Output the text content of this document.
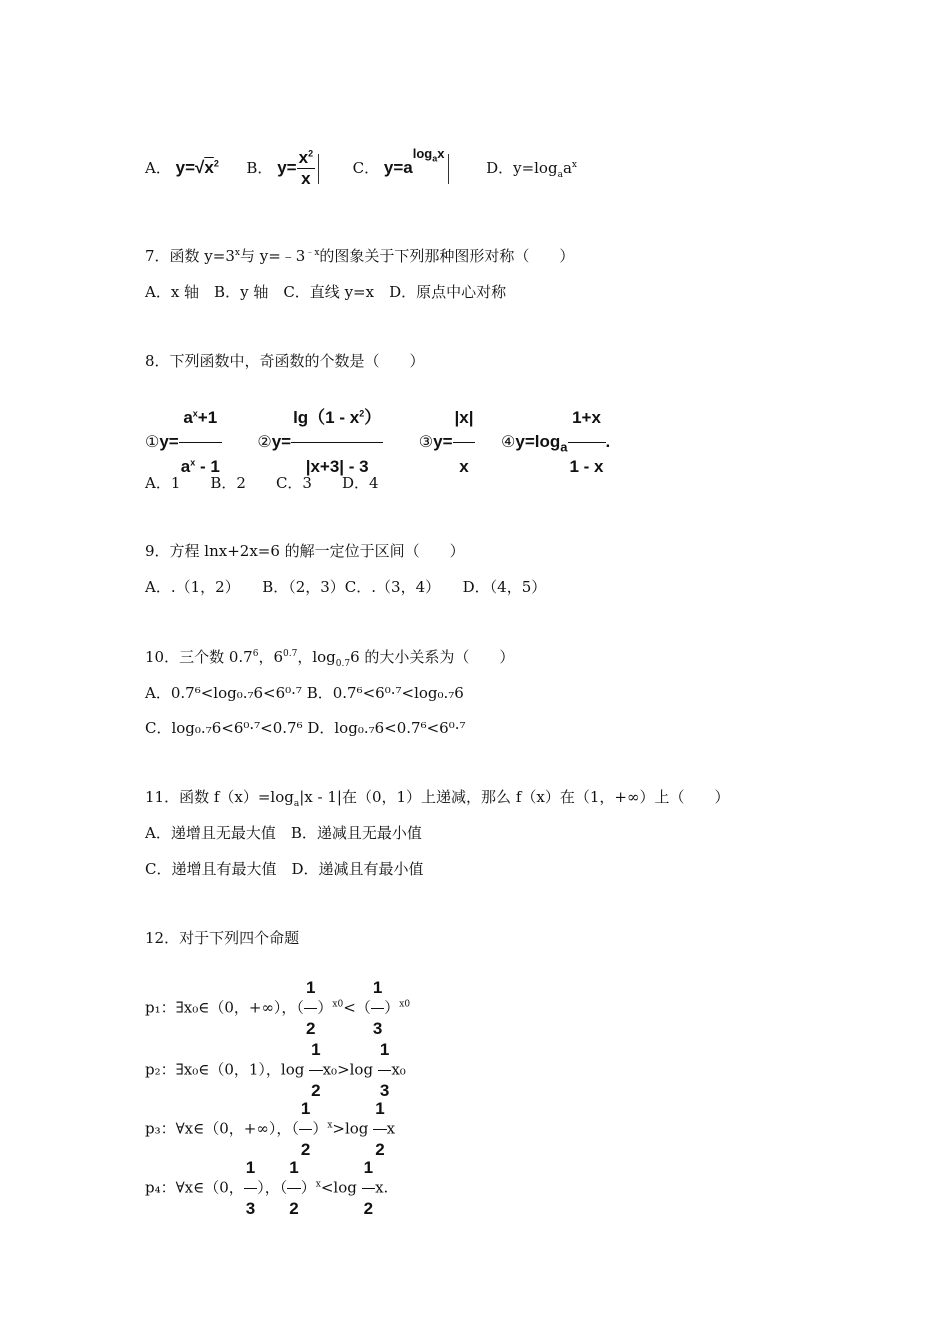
A． $y=√x^2$ B． $y= \frac{x^2}{x}$	C． $y=a^{log_ax}$  D．$y=\log_aa^x$
7．函数 $y=3^x$与 $y=﹣3^{﹣x}$的图象关于下列那种图形对称（　　）
A．x 轴　B．y 轴　C．直线 y=x　D．原点中心对称
8．下列函数中，奇函数的个数是（　　）
①y= $\frac{a^x+1}{a^x - 1}$ ②y= $\frac{\lg(1 - x^2)}{|x+3| - 3}$ ③y= $\frac{|x|}{x}$ $④y=\log_a \frac{1+x}{1 - x}$ .
A．1　　B．2　　C．3　　D．4
9．方程 lnx+2x=6 的解一定位于区间（　　）
A．.（1，2）　　B．（2，3）C．.（3，4）　　D．（4，5）
10．三个数 $0.7^6$，$6^{0.7}$，$\log_{0.7}6$ 的大小关系为（　　）
A．0.7⁶<log₀.₇6<6⁰·⁷ B．0.7⁶<6⁰·⁷<log₀.₇6
C．log₀.₇6<6⁰·⁷<0.7⁶ D．log₀.₇6<0.7⁶<6⁰·⁷
11．函数 $f(x)=\log_a|x - 1|$在（0，1）上递减，那么 f（x）在（1，+∞）上（　　）
A．递增且无最大值　B．递减且无最小值
C．递增且有最大值　D．递减且有最小值
12．对于下列四个命题
p₁：∃x₀∈（0，+∞），（ $\frac{1}{2} )^{x0}<( \frac{1}{3} )^{x0}$
p₂：∃x₀∈（0，1），$\log \frac{1}{2} x_0>\log \frac{1}{3} x_0$
p₃：∀x∈（0，+∞），（ $\frac{1}{2} )^x>\log \frac{1}{2}$ x
p₄：∀x∈（0， $\frac{1}{3}$ ），（ $\frac{1}{2} )^x<\log \frac{1}{2} x$.
